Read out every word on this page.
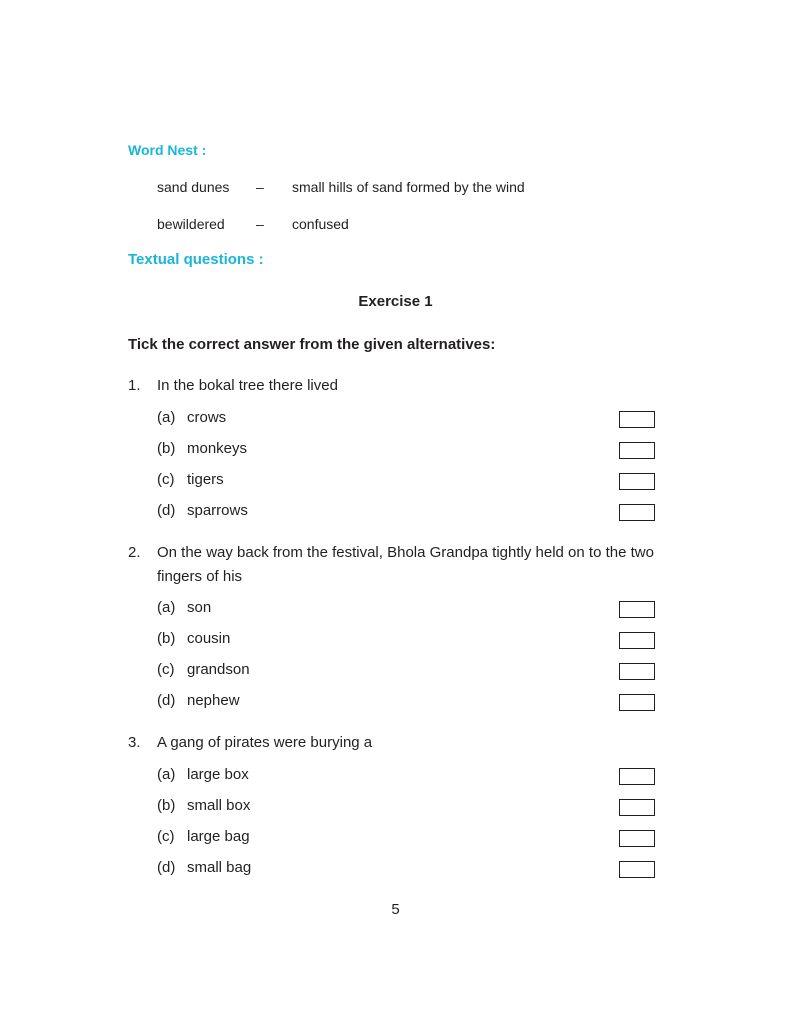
Word Nest :
sand dunes – small hills of sand formed by the wind
bewildered – confused
Textual questions :
Exercise 1
Tick the correct answer from the given alternatives:
1. In the bokal tree there lived
(a) crows
(b) monkeys
(c) tigers
(d) sparrows
2. On the way back from the festival, Bhola Grandpa tightly held on to the two
fingers of his
(a) son
(b) cousin
(c) grandson
(d) nephew
3. A gang of pirates were burying a
(a) large box
(b) small box
(c) large bag
(d) small bag
5
